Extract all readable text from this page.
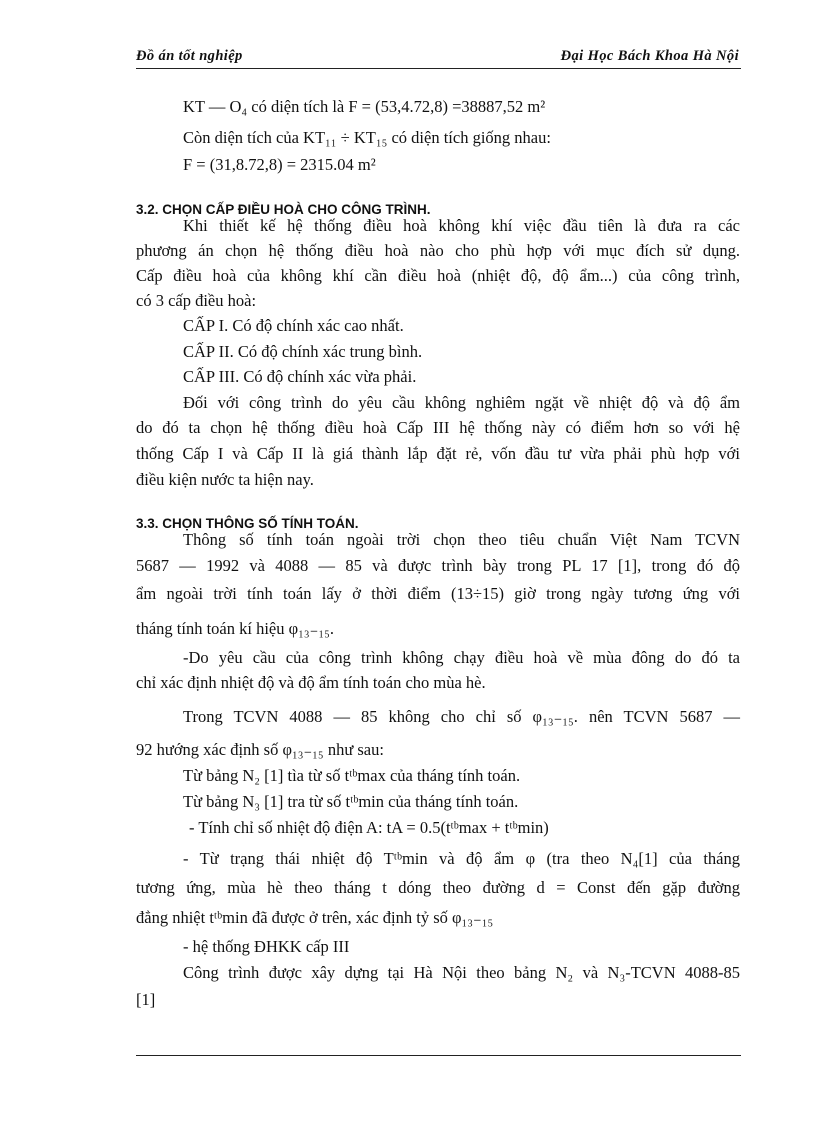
Đồ án tốt nghiệp	Đại Học Bách Khoa Hà Nội
KT — O₄ có diện tích là F = (53,4.72,8) =38887,52 m²
Còn diện tích của KT₁₁ ÷ KT₁₅ có diện tích giống nhau:
F = (31,8.72,8) = 2315.04 m²
3.2. CHỌN CẤP ĐIỀU HOÀ CHO CÔNG TRÌNH.
Khi thiết kế hệ thống điều hoà không khí việc đầu tiên là đưa ra các
phương án chọn hệ thống điều hoà nào cho phù hợp với mục đích sử dụng.
Cấp điều hoà của không khí cần điều hoà (nhiệt độ, độ ẩm...) của công trình,
có 3 cấp điều hoà:
CẤP I. Có độ chính xác cao nhất.
CẤP II. Có độ chính xác trung bình.
CẤP III. Có độ chính xác vừa phải.
Đối với công trình do yêu cầu không nghiêm ngặt về nhiệt độ và độ ẩm
do đó ta chọn hệ thống điều hoà Cấp III hệ thống này có điểm hơn so với hệ
thống Cấp I và Cấp II là giá thành lắp đặt rẻ, vốn đầu tư vừa phải phù hợp với
điều kiện nước ta hiện nay.
3.3. CHỌN THÔNG SỐ TÍNH TOÁN.
Thông số tính toán ngoài trời chọn theo tiêu chuẩn Việt Nam TCVN
5687 — 1992 và 4088 — 85 và được trình bày trong PL 17 [1], trong đó độ
ẩm ngoài trời tính toán lấy ở thời điểm (13÷15) giờ trong ngày tương ứng với
tháng tính toán kí hiệu φ₁₃₋₁₅.
-Do yêu cầu của công trình không chạy điều hoà về mùa đông do đó ta
chỉ xác định nhiệt độ và độ ẩm tính toán cho mùa hè.
Trong TCVN 4088 — 85 không cho chỉ số φ₁₃₋₁₅. nên TCVN 5687 —
92 hướng xác định số φ₁₃₋₁₅ như sau:
Từ bảng N₂ [1] tìa từ số tᵗᵇmax của tháng tính toán.
Từ bảng N₃ [1] tra từ số tᵗᵇmin của tháng tính toán.
- Tính chỉ số nhiệt độ điện A: tA = 0.5(tᵗᵇmax + tᵗᵇmin)
- Từ trạng thái nhiệt độ Tᵗᵇmin và độ ẩm φ (tra theo N₄[1] của tháng
tương ứng, mùa hè theo tháng t dóng theo đường d = Const đến gặp đường
đẳng nhiệt tᵗᵇmin đã được ở trên, xác định tỷ số φ₁₃₋₁₅
- hệ thống ĐHKK cấp III
Công trình được xây dựng tại Hà Nội theo bảng N₂ và N₃-TCVN 4088-85
[1]
